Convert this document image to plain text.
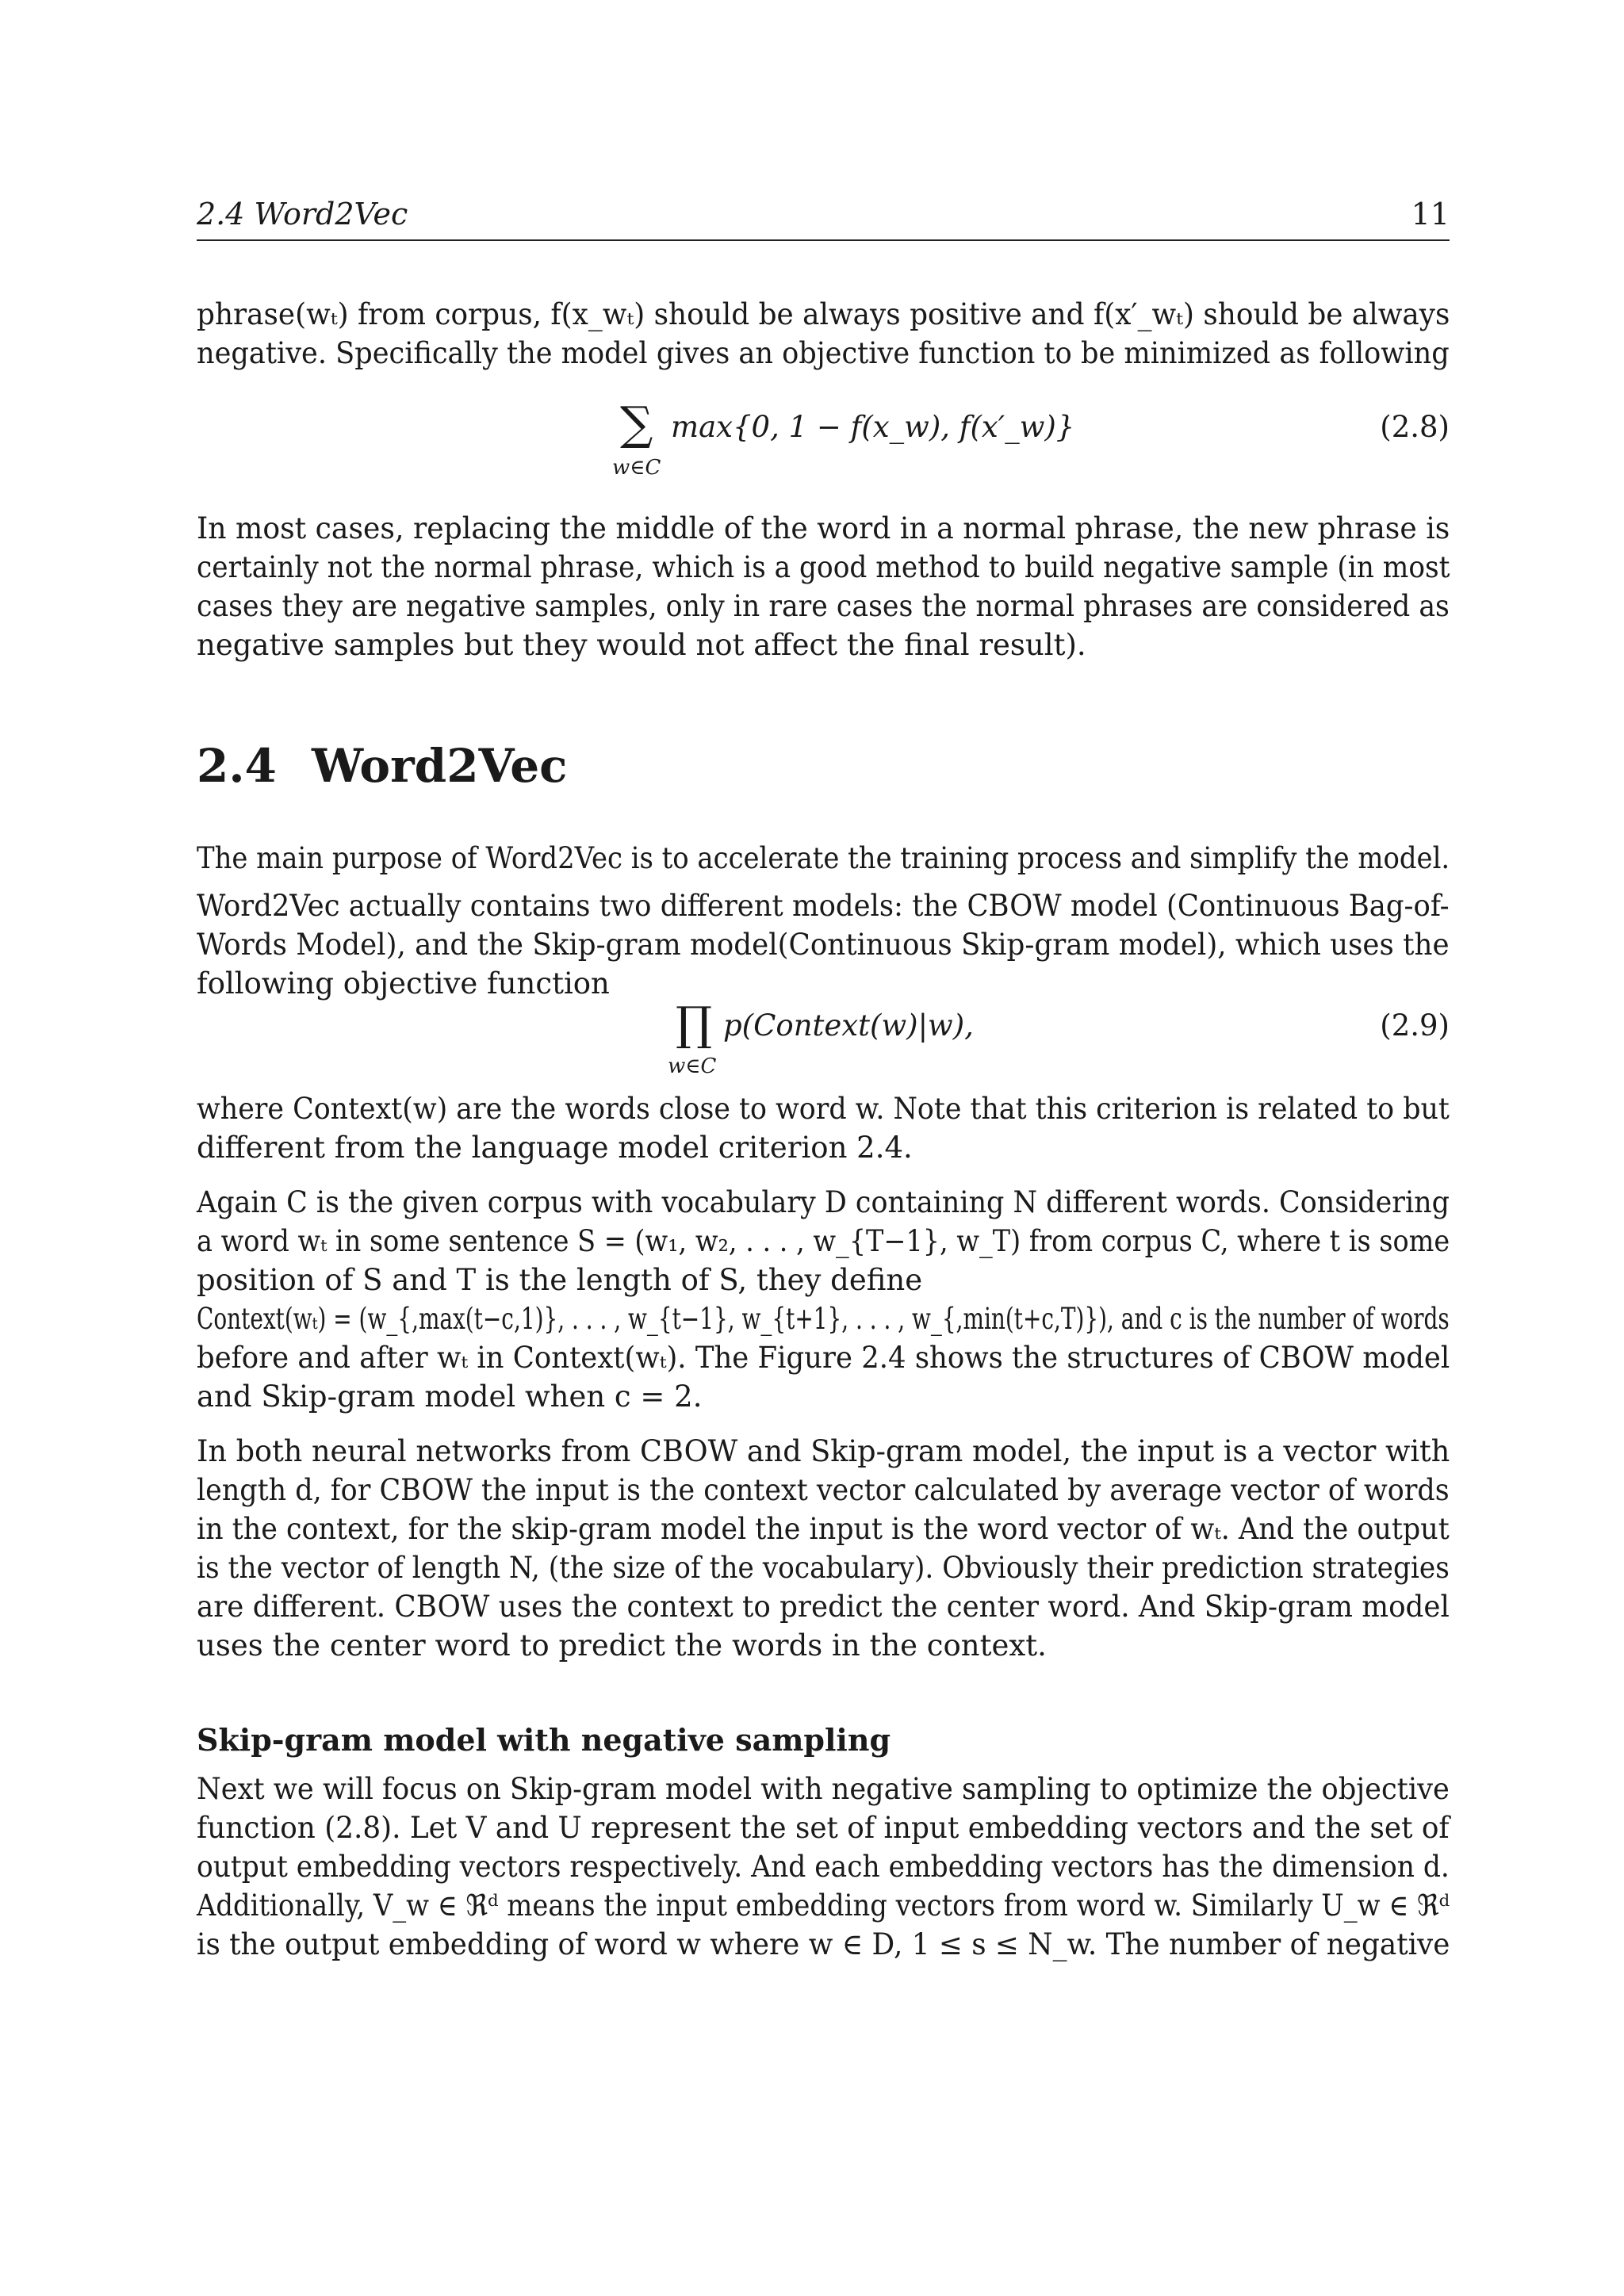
2.4 Word2Vec	11

phrase(wₜ) from corpus, f(x_wₜ) should be always positive and f(x′_wₜ) should be always
negative. Specifically the model gives an objective function to be minimized as following

∑
w∈C
max{0, 1 − f(x_w), f(x′_w)}	(2.8)

In most cases, replacing the middle of the word in a normal phrase, the new phrase is
certainly not the normal phrase, which is a good method to build negative sample (in most
cases they are negative samples, only in rare cases the normal phrases are considered as
negative samples but they would not affect the final result).

2.4 Word2Vec

The main purpose of Word2Vec is to accelerate the training process and simplify the model.

Word2Vec actually contains two different models: the CBOW model (Continuous Bag-of-
Words Model), and the Skip-gram model(Continuous Skip-gram model), which uses the
following objective function

∏
w∈C
p(Context(w)|w),	(2.9)

where Context(w) are the words close to word w. Note that this criterion is related to but
different from the language model criterion 2.4.

Again C is the given corpus with vocabulary D containing N different words. Considering
a word wₜ in some sentence S = (w₁, w₂, . . . , w_{T−1}, w_T) from corpus C, where t is some
position of S and T is the length of S, they define
Context(wₜ) = (w_{,max(t−c,1)}, . . . , w_{t−1}, w_{t+1}, . . . , w_{,min(t+c,T)}), and c is the number of words
before and after wₜ in Context(wₜ). The Figure 2.4 shows the structures of CBOW model
and Skip-gram model when c = 2.

In both neural networks from CBOW and Skip-gram model, the input is a vector with
length d, for CBOW the input is the context vector calculated by average vector of words
in the context, for the skip-gram model the input is the word vector of wₜ. And the output
is the vector of length N, (the size of the vocabulary). Obviously their prediction strategies
are different. CBOW uses the context to predict the center word. And Skip-gram model
uses the center word to predict the words in the context.

Skip-gram model with negative sampling

Next we will focus on Skip-gram model with negative sampling to optimize the objective
function (2.8). Let V and U represent the set of input embedding vectors and the set of
output embedding vectors respectively. And each embedding vectors has the dimension d.
Additionally, V_w ∈ ℜᵈ means the input embedding vectors from word w. Similarly U_w ∈ ℜᵈ
is the output embedding of word w where w ∈ D, 1 ≤ s ≤ N_w. The number of negative
